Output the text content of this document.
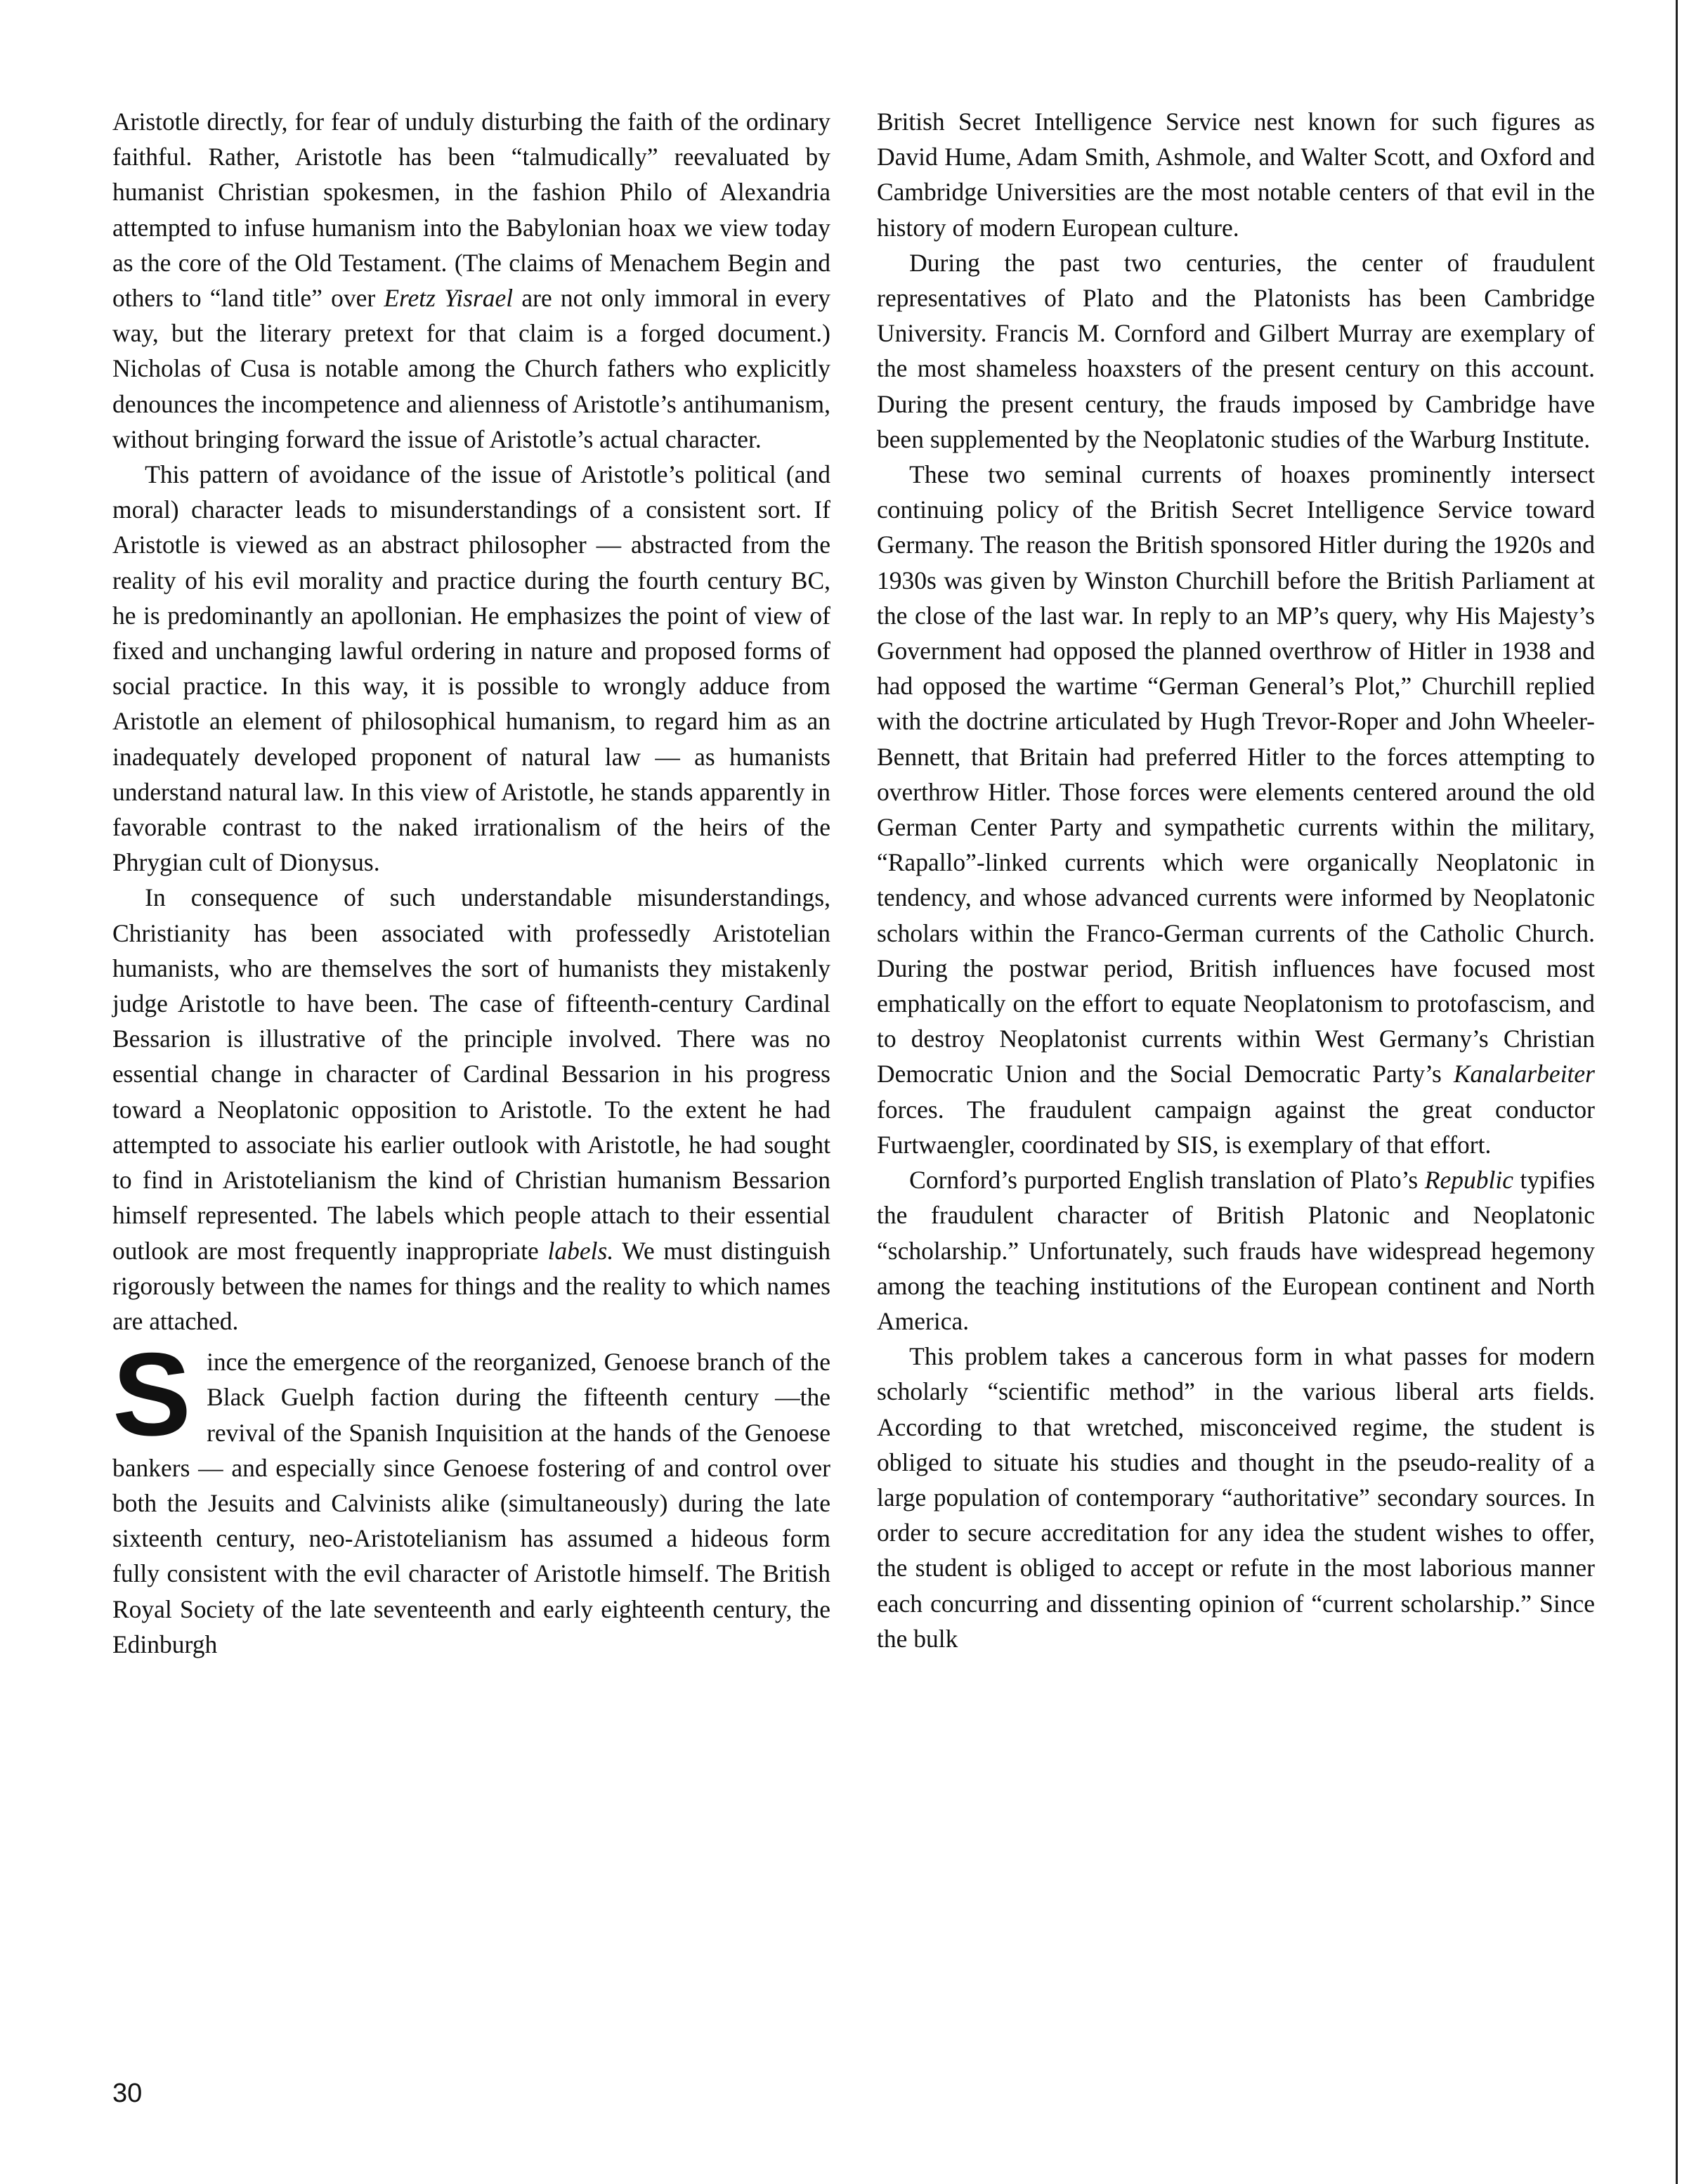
Aristotle directly, for fear of unduly disturbing the faith of the ordinary faithful. Rather, Aristotle has been “talmudically” reevaluated by humanist Christian spokesmen, in the fashion Philo of Alexandria attempted to infuse humanism into the Babylonian hoax we view today as the core of the Old Testament. (The claims of Menachem Begin and others to “land title” over Eretz Yisrael are not only immoral in every way, but the literary pretext for that claim is a forged document.) Nicholas of Cusa is notable among the Church fathers who explicitly denounces the incompetence and alienness of Aristotle’s antihumanism, without bringing forward the issue of Aristotle’s actual character.

This pattern of avoidance of the issue of Aristotle’s political (and moral) character leads to misunderstandings of a consistent sort. If Aristotle is viewed as an abstract philosopher — abstracted from the reality of his evil morality and practice during the fourth century BC, he is predominantly an apollonian. He emphasizes the point of view of fixed and unchanging lawful ordering in nature and proposed forms of social practice. In this way, it is possible to wrongly adduce from Aristotle an element of philosophical humanism, to regard him as an inadequately developed proponent of natural law — as humanists understand natural law. In this view of Aristotle, he stands apparently in favorable contrast to the naked irrationalism of the heirs of the Phrygian cult of Dionysus.

In consequence of such understandable misunderstandings, Christianity has been associated with professedly Aristotelian humanists, who are themselves the sort of humanists they mistakenly judge Aristotle to have been. The case of fifteenth-century Cardinal Bessarion is illustrative of the principle involved. There was no essential change in character of Cardinal Bessarion in his progress toward a Neoplatonic opposition to Aristotle. To the extent he had attempted to associate his earlier outlook with Aristotle, he had sought to find in Aristotelianism the kind of Christian humanism Bessarion himself represented. The labels which people attach to their essential outlook are most frequently inappropriate labels. We must distinguish rigorously between the names for things and the reality to which names are attached.

Since the emergence of the reorganized, Genoese branch of the Black Guelph faction during the fifteenth century —the revival of the Spanish Inquisition at the hands of the Genoese bankers — and especially since Genoese fostering of and control over both the Jesuits and Calvinists alike (simultaneously) during the late sixteenth century, neo-Aristotelianism has assumed a hideous form fully consistent with the evil character of Aristotle himself. The British Royal Society of the late seventeenth and early eighteenth century, the Edinburgh

British Secret Intelligence Service nest known for such figures as David Hume, Adam Smith, Ashmole, and Walter Scott, and Oxford and Cambridge Universities are the most notable centers of that evil in the history of modern European culture.

During the past two centuries, the center of fraudulent representatives of Plato and the Platonists has been Cambridge University. Francis M. Cornford and Gilbert Murray are exemplary of the most shameless hoaxsters of the present century on this account. During the present century, the frauds imposed by Cambridge have been supplemented by the Neoplatonic studies of the Warburg Institute.

These two seminal currents of hoaxes prominently intersect continuing policy of the British Secret Intelligence Service toward Germany. The reason the British sponsored Hitler during the 1920s and 1930s was given by Winston Churchill before the British Parliament at the close of the last war. In reply to an MP’s query, why His Majesty’s Government had opposed the planned overthrow of Hitler in 1938 and had opposed the wartime “German General’s Plot,” Churchill replied with the doctrine articulated by Hugh Trevor-Roper and John Wheeler-Bennett, that Britain had preferred Hitler to the forces attempting to overthrow Hitler. Those forces were elements centered around the old German Center Party and sympathetic currents within the military, “Rapallo”-linked currents which were organically Neoplatonic in tendency, and whose advanced currents were informed by Neoplatonic scholars within the Franco-German currents of the Catholic Church. During the postwar period, British influences have focused most emphatically on the effort to equate Neoplatonism to protofascism, and to destroy Neoplatonist currents within West Germany’s Christian Democratic Union and the Social Democratic Party’s Kanalarbeiter forces. The fraudulent campaign against the great conductor Furtwaengler, coordinated by SIS, is exemplary of that effort.

Cornford’s purported English translation of Plato’s Republic typifies the fraudulent character of British Platonic and Neoplatonic “scholarship.” Unfortunately, such frauds have widespread hegemony among the teaching institutions of the European continent and North America.

This problem takes a cancerous form in what passes for modern scholarly “scientific method” in the various liberal arts fields. According to that wretched, misconceived regime, the student is obliged to situate his studies and thought in the pseudo-reality of a large population of contemporary “authoritative” secondary sources. In order to secure accreditation for any idea the student wishes to offer, the student is obliged to accept or refute in the most laborious manner each concurring and dissenting opinion of “current scholarship.” Since the bulk

30
